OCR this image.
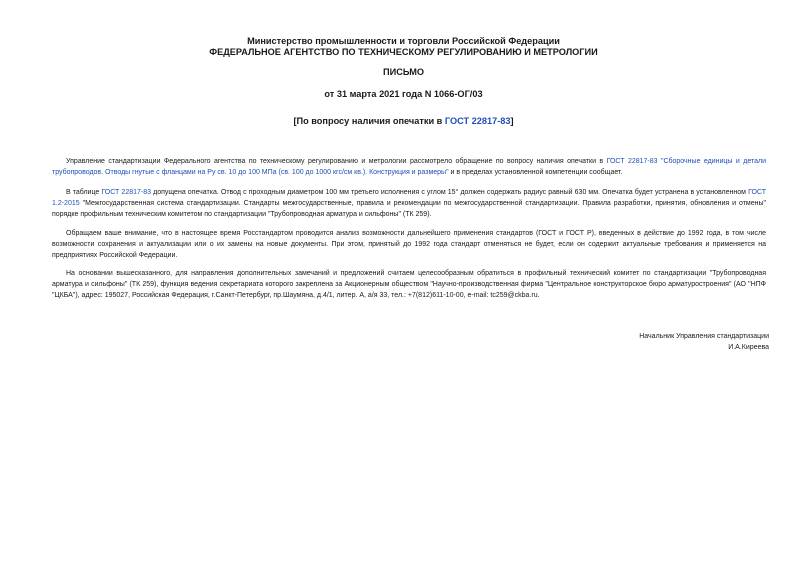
Министерство промышленности и торговли Российской Федерации
ФЕДЕРАЛЬНОЕ АГЕНТСТВО ПО ТЕХНИЧЕСКОМУ РЕГУЛИРОВАНИЮ И МЕТРОЛОГИИ
ПИСЬМО
от 31 марта 2021 года N 1066-ОГ/03
[По вопросу наличия опечатки в ГОСТ 22817-83]

Управление стандартизации Федерального агентства по техническому регулированию и метрологии рассмотрело обращение по вопросу наличия опечатки в ГОСТ 22817-83 "Сборочные единицы и детали трубопроводов. Отводы гнутые с фланцами на Ру св. 10 до 100 МПа (св. 100 до 1000 кгс/см кв.). Конструкция и размеры" и в пределах установленной компетенции сообщает.

В таблице ГОСТ 22817-83 допущена опечатка. Отвод с проходным диаметром 100 мм третьего исполнения с углом 15° должен содержать радиус равный 630 мм. Опечатка будет устранена в установленном ГОСТ 1.2-2015 "Межгосударственная система стандартизации. Стандарты межгосударственные, правила и рекомендации по межгосударственной стандартизации. Правила разработки, принятия, обновления и отмены" порядке профильным техническим комитетом по стандартизации "Трубопроводная арматура и сильфоны" (ТК 259).

Обращаем ваше внимание, что в настоящее время Росстандартом проводится анализ возможности дальнейшего применения стандартов (ГОСТ и ГОСТ Р), введенных в действие до 1992 года, в том числе возможности сохранения и актуализации или о их замены на новые документы. При этом, принятый до 1992 года стандарт отменяться не будет, если он содержит актуальные требования и применяется на предприятиях Российской Федерации.

На основании вышесказанного, для направления дополнительных замечаний и предложений считаем целесообразным обратиться в профильный технический комитет по стандартизации "Трубопроводная арматура и сильфоны" (ТК 259), функция ведения секретариата которого закреплена за Акционерным обществом "Научно-производственная фирма "Центральное конструкторское бюро арматуростроения" (АО "НПФ "ЦКБА"), адрес: 195027, Российская Федерация, г.Санкт-Петербург, пр.Шаумяна, д.4/1, литер. А, а/я 33, тел.: +7(812)611-10-00, e-mail: tc259@ckba.ru.

Начальник Управления стандартизации
И.А.Киреева
